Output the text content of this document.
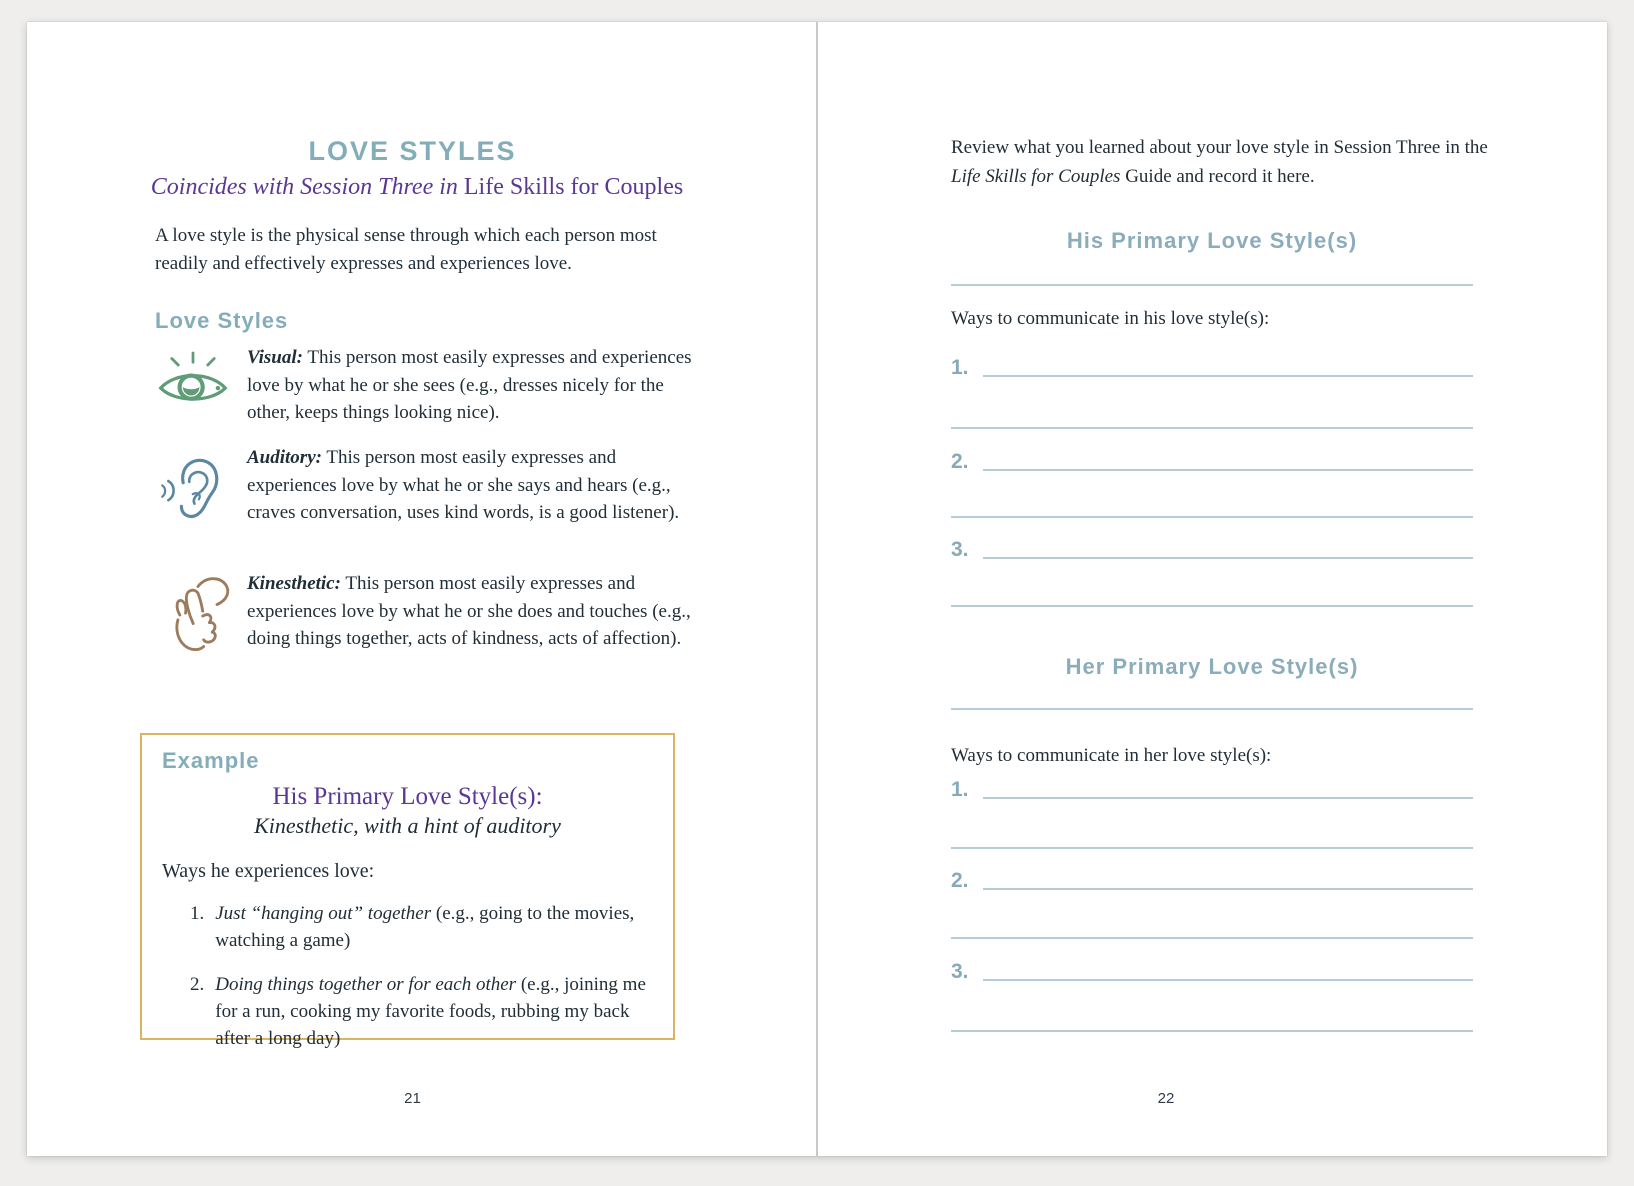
LOVE STYLES
Coincides with Session Three in Life Skills for Couples

A love style is the physical sense through which each person most readily and effectively expresses and experiences love.

Love Styles

Visual: This person most easily expresses and experiences love by what he or she sees (e.g., dresses nicely for the other, keeps things looking nice).

Auditory: This person most easily expresses and experiences love by what he or she says and hears (e.g., craves conversation, uses kind words, is a good listener).

Kinesthetic: This person most easily expresses and experiences love by what he or she does and touches (e.g., doing things together, acts of kindness, acts of affection).

Example
His Primary Love Style(s):
Kinesthetic, with a hint of auditory
Ways he experiences love:
1. Just “hanging out” together (e.g., going to the movies, watching a game)

2. Doing things together or for each other (e.g., joining me for a run, cooking my favorite foods, rubbing my back after a long day)

21

Review what you learned about your love style in Session Three in the Life Skills for Couples Guide and record it here.

His Primary Love Style(s)

Ways to communicate in his love style(s):

1.
2.
3.
Her Primary Love Style(s)

Ways to communicate in her love style(s):

1.
2.
3.
22
